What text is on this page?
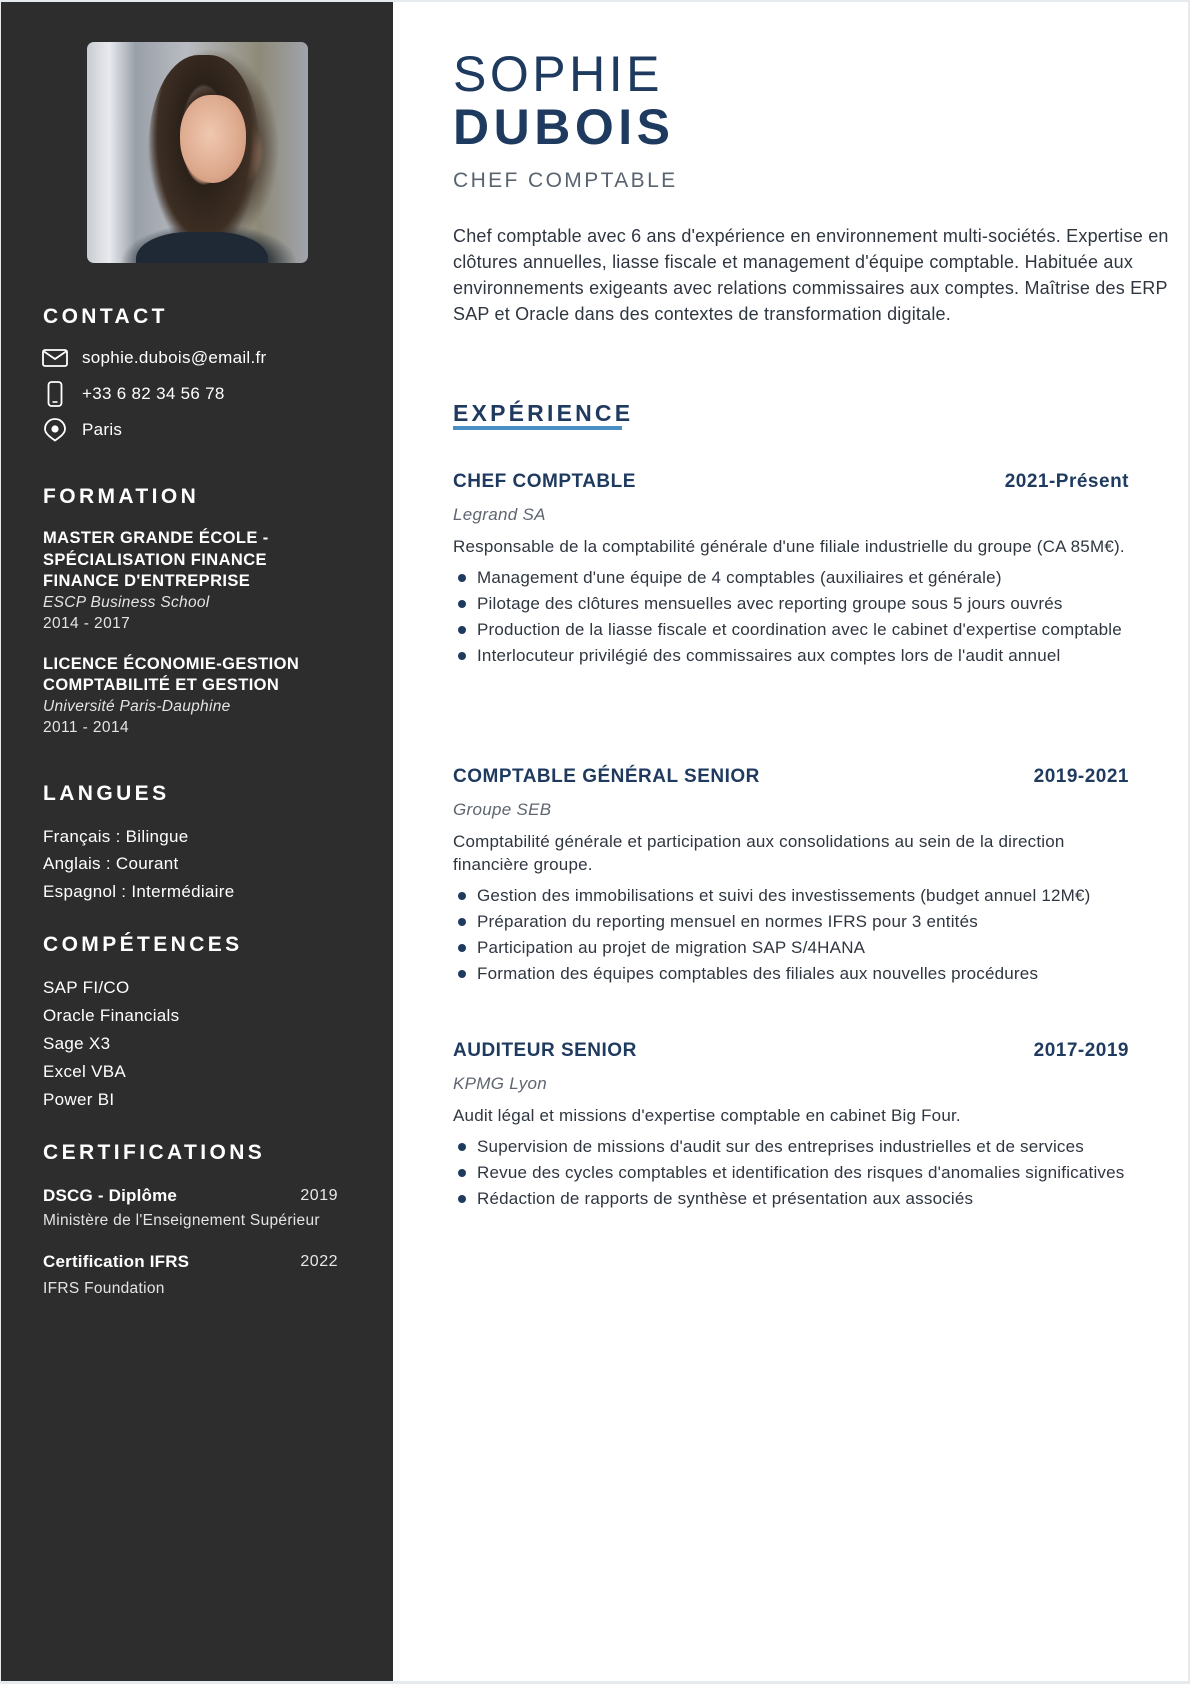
CONTACT
sophie.dubois@email.fr
+33 6 82 34 56 78
Paris
FORMATION
MASTER GRANDE ÉCOLE -
SPÉCIALISATION FINANCE
FINANCE D'ENTREPRISE
ESCP Business School
2014 - 2017
LICENCE ÉCONOMIE-GESTION
COMPTABILITÉ ET GESTION
Université Paris-Dauphine
2011 - 2014
LANGUES
Français : Bilingue
Anglais : Courant
Espagnol : Intermédiaire
COMPÉTENCES
SAP FI/CO
Oracle Financials
Sage X3
Excel VBA
Power BI
CERTIFICATIONS
DSCG - Diplôme	2019
Ministère de l'Enseignement Supérieur
Certification IFRS	2022
IFRS Foundation
SOPHIE
DUBOIS
CHEF COMPTABLE

Chef comptable avec 6 ans d'expérience en environnement multi-sociétés. Expertise en clôtures annuelles, liasse fiscale et management d'équipe comptable. Habituée aux environnements exigeants avec relations commissaires aux comptes. Maîtrise des ERP SAP et Oracle dans des contextes de transformation digitale.

EXPÉRIENCE
CHEF COMPTABLE	2021-Présent
Legrand SA
Responsable de la comptabilité générale d'une filiale industrielle du groupe (CA 85M€).
Management d'une équipe de 4 comptables (auxiliaires et générale)
Pilotage des clôtures mensuelles avec reporting groupe sous 5 jours ouvrés
Production de la liasse fiscale et coordination avec le cabinet d'expertise comptable
Interlocuteur privilégié des commissaires aux comptes lors de l'audit annuel
COMPTABLE GÉNÉRAL SENIOR	2019-2021
Groupe SEB
Comptabilité générale et participation aux consolidations au sein de la direction financière groupe.
Gestion des immobilisations et suivi des investissements (budget annuel 12M€)
Préparation du reporting mensuel en normes IFRS pour 3 entités
Participation au projet de migration SAP S/4HANA
Formation des équipes comptables des filiales aux nouvelles procédures
AUDITEUR SENIOR	2017-2019
KPMG Lyon
Audit légal et missions d'expertise comptable en cabinet Big Four.
Supervision de missions d'audit sur des entreprises industrielles et de services
Revue des cycles comptables et identification des risques d'anomalies significatives
Rédaction de rapports de synthèse et présentation aux associés
